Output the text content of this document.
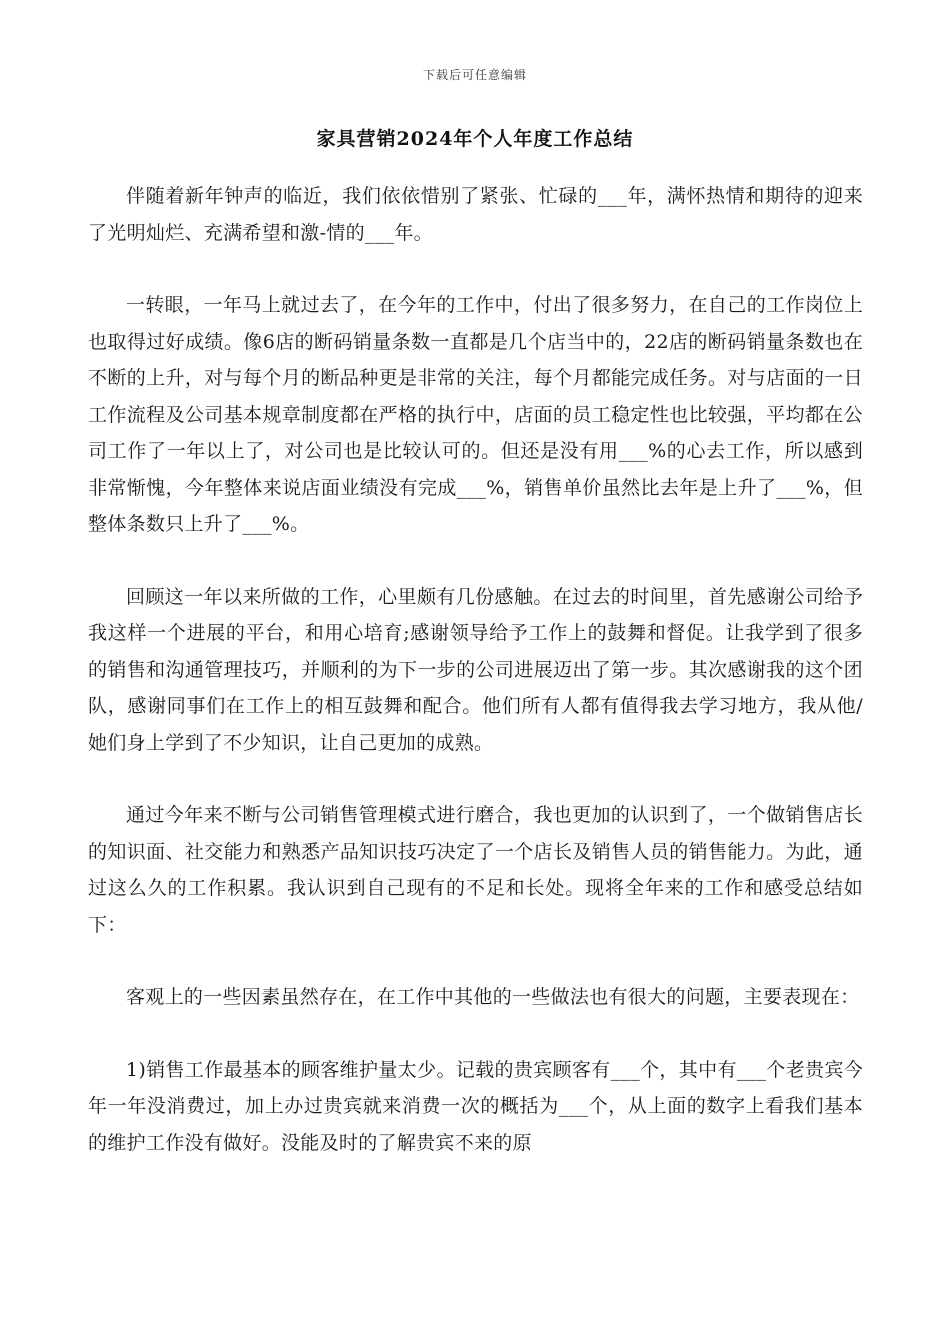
下载后可任意编辑
家具营销2024年个人年度工作总结

伴随着新年钟声的临近，我们依依惜别了紧张、忙碌的___年，满怀热情和期待的迎来了光明灿烂、充满希望和激-情的___年。

一转眼，一年马上就过去了，在今年的工作中，付出了很多努力，在自己的工作岗位上也取得过好成绩。像6店的断码销量条数一直都是几个店当中的，22店的断码销量条数也在不断的上升，对与每个月的断品种更是非常的关注，每个月都能完成任务。对与店面的一日工作流程及公司基本规章制度都在严格的执行中，店面的员工稳定性也比较强，平均都在公司工作了一年以上了，对公司也是比较认可的。但还是没有用___%的心去工作，所以感到非常惭愧，今年整体来说店面业绩没有完成___%，销售单价虽然比去年是上升了___%，但整体条数只上升了___%。

回顾这一年以来所做的工作，心里颇有几份感触。在过去的时间里，首先感谢公司给予我这样一个进展的平台，和用心培育;感谢领导给予工作上的鼓舞和督促。让我学到了很多的销售和沟通管理技巧，并顺利的为下一步的公司进展迈出了第一步。其次感谢我的这个团队，感谢同事们在工作上的相互鼓舞和配合。他们所有人都有值得我去学习地方，我从他/她们身上学到了不少知识，让自己更加的成熟。

通过今年来不断与公司销售管理模式进行磨合，我也更加的认识到了，一个做销售店长的知识面、社交能力和熟悉产品知识技巧决定了一个店长及销售人员的销售能力。为此，通过这么久的工作积累。我认识到自己现有的不足和长处。现将全年来的工作和感受总结如下：

客观上的一些因素虽然存在，在工作中其他的一些做法也有很大的问题，主要表现在：

1)销售工作最基本的顾客维护量太少。记载的贵宾顾客有___个，其中有___个老贵宾今年一年没消费过，加上办过贵宾就来消费一次的概括为___个，从上面的数字上看我们基本的维护工作没有做好。没能及时的了解贵宾不来的原
